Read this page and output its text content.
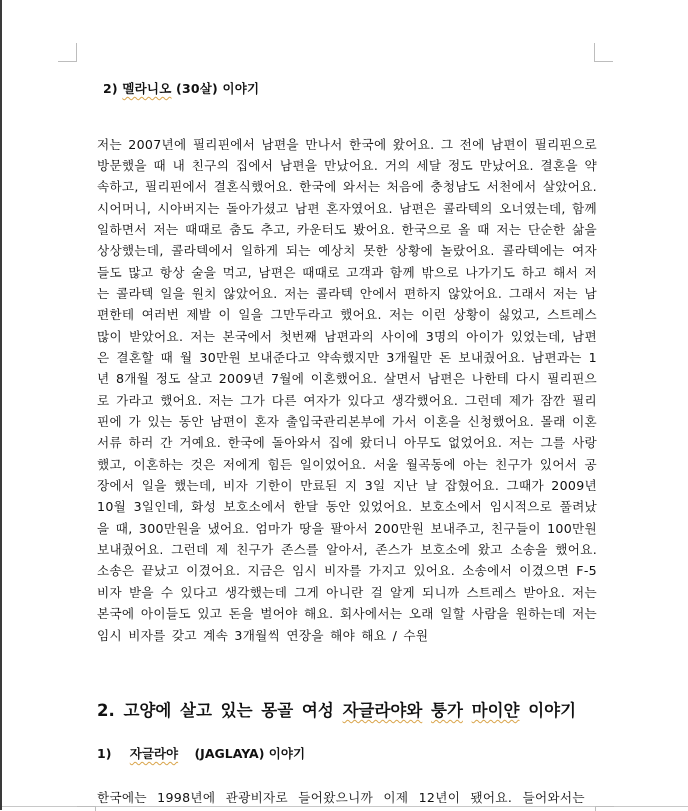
2) 멜라니오 (30살) 이야기

저는 2007년에 필리핀에서 남편을 만나서 한국에 왔어요. 그 전에 남편이 필리핀으로 방문했을 때 내 친구의 집에서 남편을 만났어요. 거의 세달 정도 만났어요. 결혼을 약속하고, 필리핀에서 결혼식했어요. 한국에 와서는 처음에 충청남도 서천에서 살았어요. 시어머니, 시아버지는 돌아가셨고 남편 혼자였어요. 남편은 콜라텍의 오너였는데, 함께 일하면서 저는 때때로 춤도 추고, 카운터도 봤어요. 한국으로 올 때 저는 단순한 삶을 상상했는데, 콜라텍에서 일하게 되는 예상치 못한 상황에 놀랐어요. 콜라텍에는 여자들도 많고 항상 술을 먹고, 남편은 때때로 고객과 함께 밖으로 나가기도 하고 해서 저는 콜라텍 일을 원치 않았어요. 저는 콜라텍 안에서 편하지 않았어요. 그래서 저는 남편한테 여러번 제발 이 일을 그만두라고 했어요. 저는 이런 상황이 싫었고, 스트레스 많이 받았어요. 저는 본국에서 첫번째 남편과의 사이에 3명의 아이가 있었는데, 남편은 결혼할 때 월 30만원 보내준다고 약속했지만 3개월만 돈 보내줬어요. 남편과는 1년 8개월 정도 살고 2009년 7월에 이혼했어요. 살면서 남편은 나한테 다시 필리핀으로 가라고 했어요. 저는 그가 다른 여자가 있다고 생각했어요. 그런데 제가 잠깐 필리핀에 가 있는 동안 남편이 혼자 출입국관리본부에 가서 이혼을 신청했어요. 몰래 이혼 서류 하러 간 거예요. 한국에 돌아와서 집에 왔더니 아무도 없었어요. 저는 그를 사랑했고, 이혼하는 것은 저에게 힘든 일이었어요. 서울 월곡동에 아는 친구가 있어서 공장에서 일을 했는데, 비자 기한이 만료된 지 3일 지난 날 잡혔어요. 그때가 2009년 10월 3일인데, 화성 보호소에서 한달 동안 있었어요. 보호소에서 임시적으로 풀려났을 때, 300만원을 냈어요. 엄마가 땅을 팔아서 200만원 보내주고, 친구들이 100만원 보내줬어요. 그런데 제 친구가 존스를 알아서, 존스가 보호소에 왔고 소송을 했어요. 소송은 끝났고 이겼어요. 지금은 임시 비자를 가지고 있어요. 소송에서 이겼으면 F-5 비자 받을 수 있다고 생각했는데 그게 아니란 걸 알게 되니까 스트레스 받아요. 저는 본국에 아이들도 있고 돈을 벌어야 해요. 회사에서는 오래 일할 사람을 원하는데 저는 임시 비자를 갖고 계속 3개월씩 연장을 해야 해요 / 수원

2. 고양에 살고 있는 몽골 여성 자글라야와 퉁가 마이얀 이야기
1) 자글라야 (JAGLAYA) 이야기
한국에는 1998년에 관광비자로 들어왔으니까 이제 12년이 됐어요. 들어와서는
